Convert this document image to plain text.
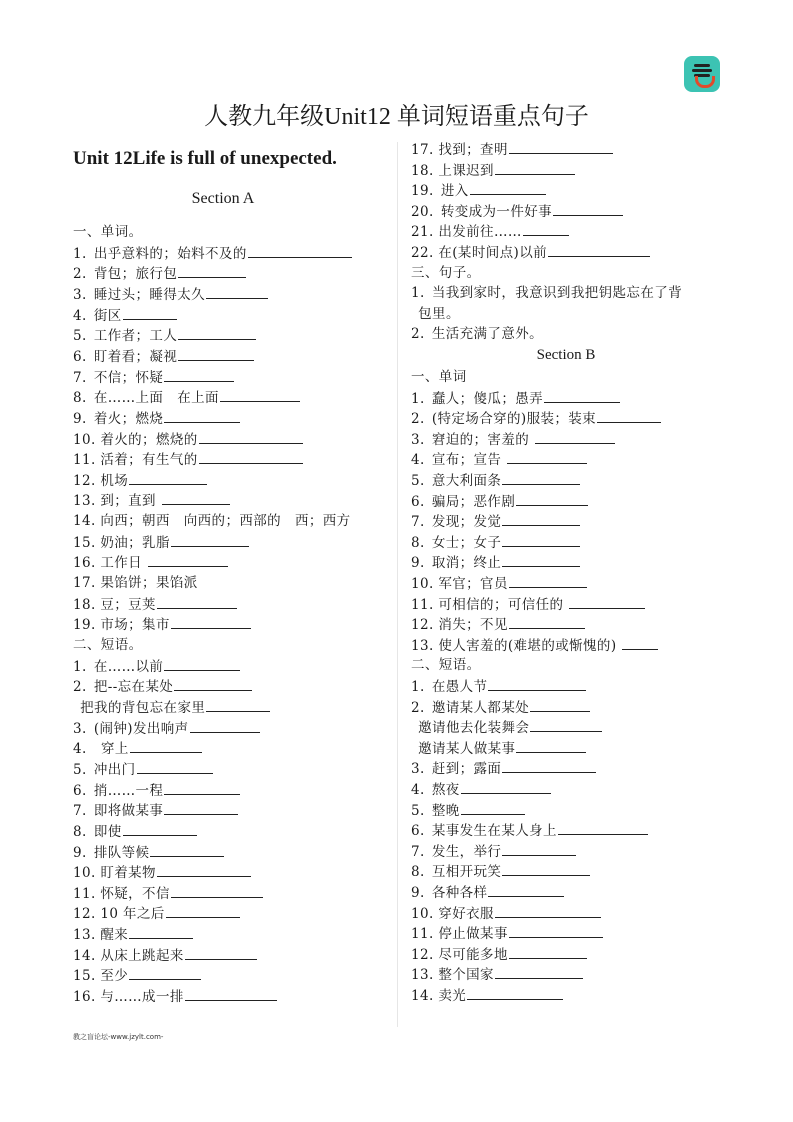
人教九年级Unit12 单词短语重点句子
Unit 12Life is full of unexpected.
Section A
Section B
一、单词。
1. 出乎意料的；始料不及的
2. 背包；旅行包
3. 睡过头；睡得太久
4. 街区
5. 工作者；工人
6. 盯着看；凝视
7. 不信；怀疑
8. 在……上面 在上面
9. 着火；燃烧
10. 着火的；燃烧的
11. 活着；有生气的
12. 机场
13. 到；直到
14. 向西；朝西 向西的；西部的 西；西方
15. 奶油；乳脂
16. 工作日
17. 果馅饼；果馅派
18. 豆；豆荚
19. 市场；集市
二、短语。
1. 在……以前
2. 把--忘在某处
 把我的背包忘在家里
3. (闹钟)发出响声
4.  穿上
5. 冲出门
6. 捎……一程
7. 即将做某事
8. 即使
9. 排队等候
10. 盯着某物
11. 怀疑，不信
12. 10 年之后
13. 醒来
14. 从床上跳起来
15. 至少
16. 与……成一排
17. 找到；查明
18. 上课迟到
19. 进入
20. 转变成为一件好事
21. 出发前往……
22. 在(某时间点)以前
三、句子。
1. 当我到家时，我意识到我把钥匙忘在了背
 包里。
2. 生活充满了意外。
一、单词
1. 蠢人；傻瓜；愚弄
2. (特定场合穿的)服装；装束
3. 窘迫的；害羞的
4. 宣布；宣告
5. 意大利面条
6. 骗局；恶作剧
7. 发现；发觉
8. 女士；女子
9. 取消；终止
10. 军官；官员
11. 可相信的；可信任的
12. 消失；不见
13. 使人害羞的(难堪的或惭愧的)
二、短语。
1. 在愚人节
2. 邀请某人都某处
 邀请他去化装舞会
 邀请某人做某事
3. 赶到；露面
4. 熬夜
5. 整晚
6. 某事发生在某人身上
7. 发生，举行
8. 互相开玩笑
9. 各种各样
10. 穿好衣服
11. 停止做某事
12. 尽可能多地
13. 整个国家
14. 卖光
教之盲论坛-www.jzylt.com-
